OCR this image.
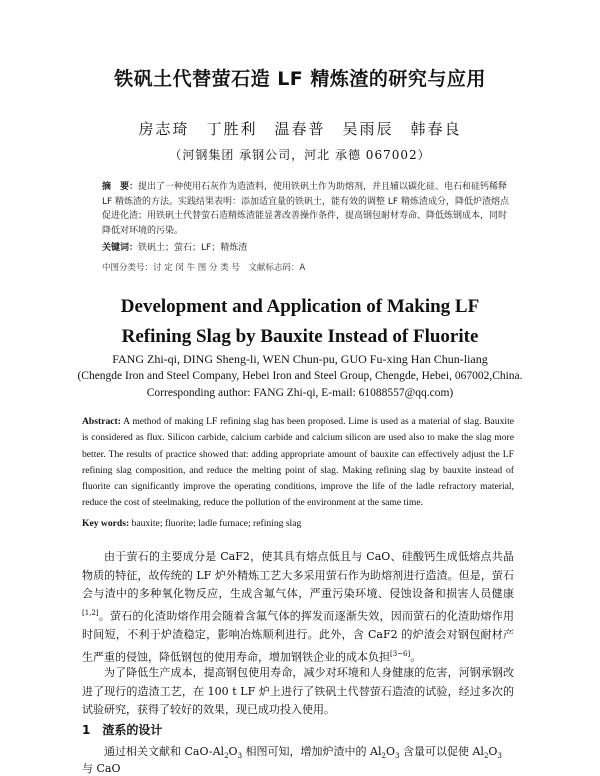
铁矾土代替萤石造 LF 精炼渣的研究与应用
房志琦　丁胜利　温春普　吴雨辰　韩春良
（河钢集团 承钢公司，河北 承德 067002）
摘　要：提出了一种使用石灰作为造渣料，使用铁矾土作为助熔剂，并且辅以碳化硅、电石和硅钙稀释 LF 精炼渣的方法。实践结果表明：添加适宜量的铁矾土，能有效的调整 LF 精炼渣成分，降低炉渣熔点促进化渣；用铁矾土代替萤石造精炼渣能显著改善操作条件，提高钢包耐材寿命、降低炼钢成本，同时降低对环境的污染。
关键词：铁矾土；萤石；LF；精炼渣
中图分类号：讨 定 闵 牛 图 分 类 号　文献标志码：A
Development and Application of Making LF
Refining Slag by Bauxite Instead of Fluorite
FANG Zhi-qi, DING Sheng-li, WEN Chun-pu, GUO Fu-xing Han Chun-liang
(Chengde Iron and Steel Company, Hebei Iron and Steel Group, Chengde, Hebei, 067002,China.
Corresponding author: FANG Zhi-qi, E-mail: 61088557@qq.com)
Abstract: A method of making LF refining slag has been proposed. Lime is used as a material of slag. Bauxite is considered as flux. Silicon carbide, calcium carbide and calcium silicon are used also to make the slag more better. The results of practice showed that: adding appropriate amount of bauxite can effectively adjust the LF refining slag composition, and reduce the melting point of slag. Making refining slag by bauxite instead of fluorite can significantly improve the operating conditions, improve the life of the ladle refractory material, reduce the cost of steelmaking, reduce the pollution of the environment at the same time.
Key words: bauxite; fluorite; ladle furnace; refining slag
由于萤石的主要成分是 CaF2，使其具有熔点低且与 CaO、硅酸钙生成低熔点共晶物质的特征，故传统的 LF 炉外精炼工艺大多采用萤石作为助熔剂进行造渣。但是，萤石会与渣中的多种氧化物反应，生成含氟气体，严重污染环境、侵蚀设备和损害人员健康[1,2]。萤石的化渣助熔作用会随着含氟气体的挥发而逐渐失效，因而萤石的化渣助熔作用时间短，不利于炉渣稳定，影响冶炼顺利进行。此外，含 CaF2 的炉渣会对钢包耐材产生严重的侵蚀，降低钢包的使用寿命，增加钢铁企业的成本负担[3~6]。
为了降低生产成本，提高钢包使用寿命，减少对环境和人身健康的危害，河钢承钢改进了现行的造渣工艺，在 100 t LF 炉上进行了铁矾土代替萤石造渣的试验，经过多次的试验研究，获得了较好的效果，现已成功投入使用。
1　渣系的设计
通过相关文献和 CaO-$Al_2O_3$ 相图可知，增加炉渣中的 $Al_2O_3$ 含量可以促使 $Al_2O_3$ 与 CaO
